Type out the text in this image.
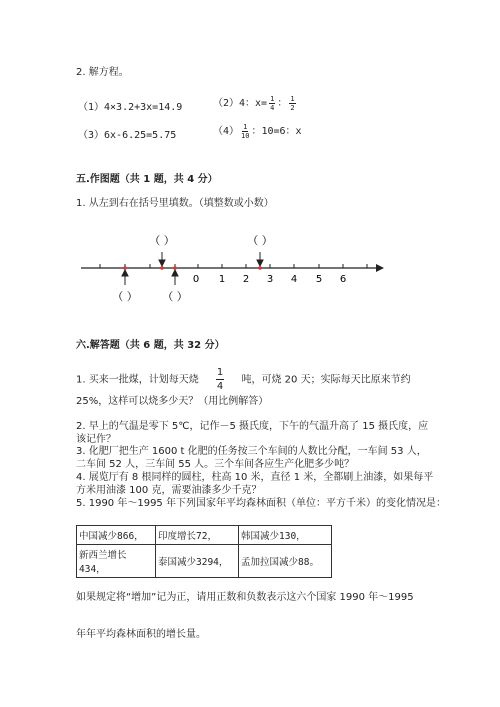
2. 解方程。
（1）4×3.2+3x=14.9	（2）4：$x= \frac{1}{4}$ ： $\frac{1}{2}$
（3）6x-6.25=5.75	$(4) \frac{1}{10}$ ：10=6：x
五.作图题（共 1 题，共 4 分）
1. 从左到右在括号里填数。（填整数或小数）
0 1 2 3 4 5 6
（ ）	（ ）
（ ） （ ）
六.解答题（共 6 题，共 32 分）
1. 买来一批煤，计划每天烧 $\frac{1}{4}$ 吨，可烧 20 天；实际每天比原来节约
25%，这样可以烧多少天？（用比例解答）
2. 早上的气温是零下 5℃，记作－5 摄氏度，下午的气温升高了 15 摄氏度，应
该记作？
3. 化肥厂把生产 1600 t 化肥的任务按三个车间的人数比分配，一车间 53 人，
二车间 52 人，三车间 55 人。三个车间各应生产化肥多少吨？
4. 展览厅有 8 根同样的圆柱，柱高 10 米，直径 1 米，全都刷上油漆，如果每平
方米用油漆 100 克，需要油漆多少千克？
5. 1990 年～1995 年下列国家年平均森林面积（单位：平方千米）的变化情况是：
中国减少866，	印度增长72，	韩国减少130，
新西兰增长434，	泰国减少3294，	孟加拉国减少88。
如果规定将“增加”记为正，请用正数和负数表示这六个国家 1990 年～1995
年年平均森林面积的增长量。
